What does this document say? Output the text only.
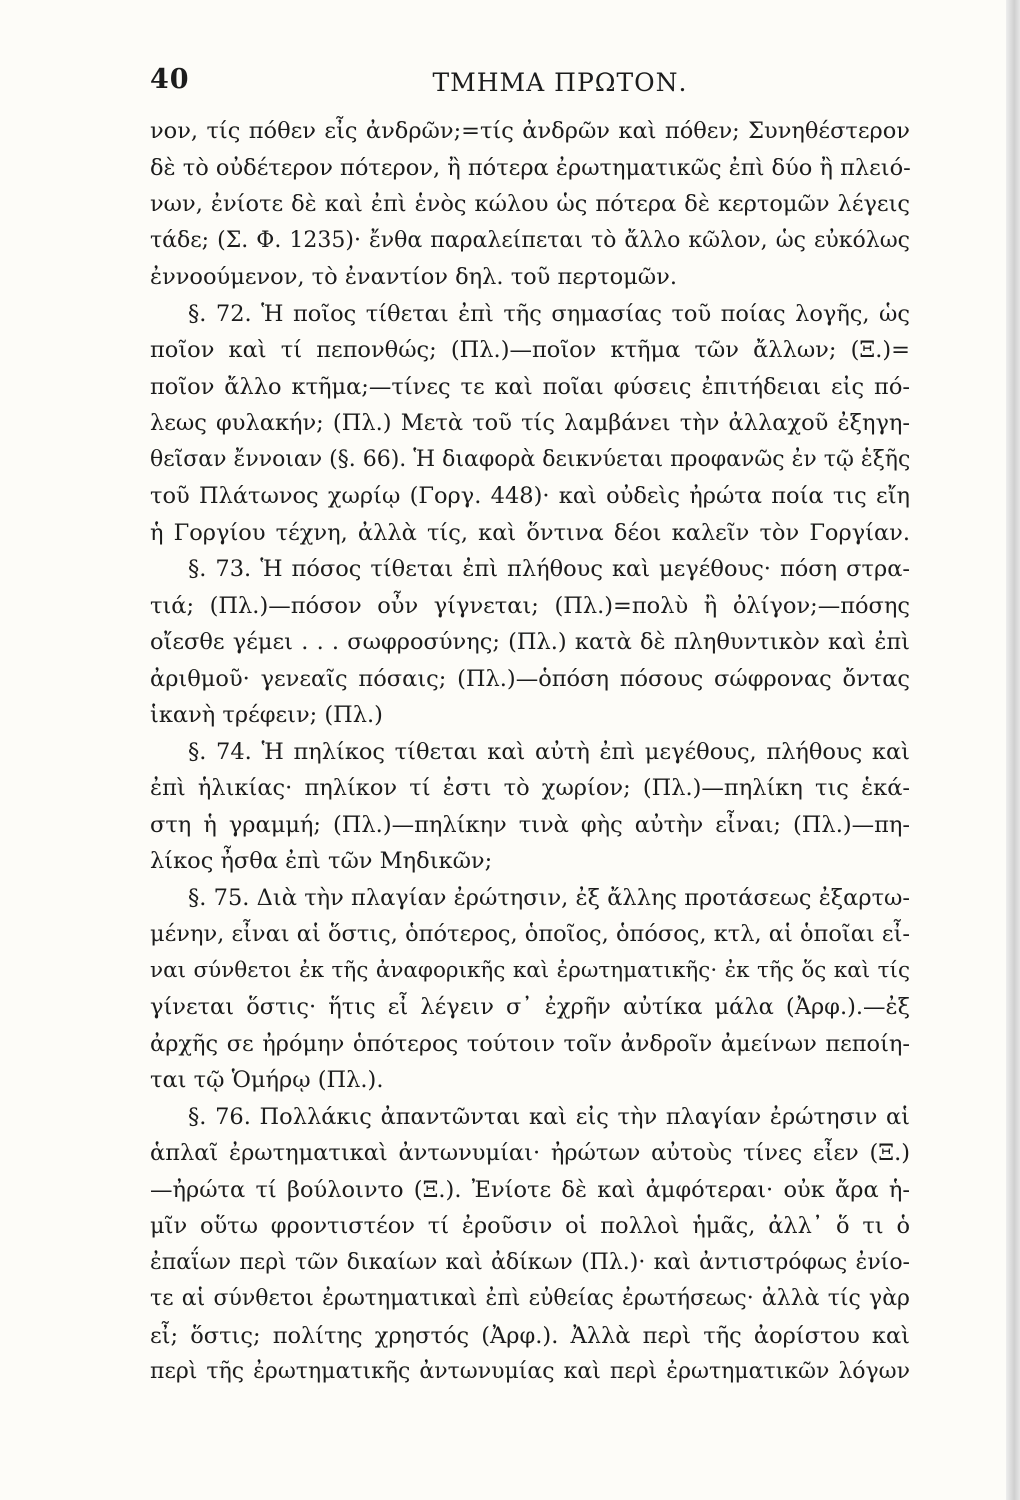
40	ΤΜΗΜΑ ΠΡΩΤΟΝ.
νον, τίς πόθεν εἶς ἀνδρῶν;=τίς ἀνδρῶν καὶ πόθεν; Συνηθέστερον
δὲ τὸ οὐδέτερον πότερον, ἢ πότερα ἐρωτηματικῶς ἐπὶ δύο ἢ πλειό-
νων, ἐνίοτε δὲ καὶ ἐπὶ ἑνὸς κώλου ὡς πότερα δὲ κερτομῶν λέγεις
τάδε; (Σ. Φ. 1235)· ἔνθα παραλείπεται τὸ ἄλλο κῶλον, ὡς εὐκόλως
ἐννοούμενον, τὸ ἐναντίον δηλ. τοῦ περτομῶν.
§. 72. Ἡ ποῖος τίθεται ἐπὶ τῆς σημασίας τοῦ ποίας λογῆς, ὡς
ποῖον καὶ τί πεπονθώς; (Πλ.)—ποῖον κτῆμα τῶν ἄλλων; (Ξ.)=
ποῖον ἄλλο κτῆμα;—τίνες τε καὶ ποῖαι φύσεις ἐπιτήδειαι εἰς πό-
λεως φυλακήν; (Πλ.) Μετὰ τοῦ τίς λαμβάνει τὴν ἀλλαχοῦ ἐξηγη-
θεῖσαν ἔννοιαν (§. 66). Ἡ διαφορὰ δεικνύεται προφανῶς ἐν τῷ ἑξῆς
τοῦ Πλάτωνος χωρίῳ (Γοργ. 448)· καὶ οὐδεὶς ἠρώτα ποία τις εἴη
ἡ Γοργίου τέχνη, ἀλλὰ τίς, καὶ ὅντινα δέοι καλεῖν τὸν Γοργίαν.
§. 73. Ἡ πόσος τίθεται ἐπὶ πλήθους καὶ μεγέθους· πόση στρα-
τιά; (Πλ.)—πόσον οὖν γίγνεται; (Πλ.)=πολὺ ἢ ὀλίγον;—πόσης
οἴεσθε γέμει . . . σωφροσύνης; (Πλ.) κατὰ δὲ πληθυντικὸν καὶ ἐπὶ
ἀριθμοῦ· γενεαῖς πόσαις; (Πλ.)—ὁπόση πόσους σώφρονας ὄντας
ἱκανὴ τρέφειν; (Πλ.)
§. 74. Ἡ πηλίκος τίθεται καὶ αὐτὴ ἐπὶ μεγέθους, πλήθους καὶ
ἐπὶ ἡλικίας· πηλίκον τί ἐστι τὸ χωρίον; (Πλ.)—πηλίκη τις ἑκά-
στη ἡ γραμμή; (Πλ.)—πηλίκην τινὰ φὴς αὐτὴν εἶναι; (Πλ.)—πη-
λίκος ἦσθα ἐπὶ τῶν Μηδικῶν;
§. 75. Διὰ τὴν πλαγίαν ἐρώτησιν, ἐξ ἄλλης προτάσεως ἐξαρτω-
μένην, εἶναι αἱ ὅστις, ὁπότερος, ὁποῖος, ὁπόσος, κτλ, αἱ ὁποῖαι εἶ-
ναι σύνθετοι ἐκ τῆς ἀναφορικῆς καὶ ἐρωτηματικῆς· ἐκ τῆς ὅς καὶ τίς
γίνεται ὅστις· ἥτις εἶ λέγειν σ᾽ ἐχρῆν αὐτίκα μάλα (Ἀρφ.).—ἐξ
ἀρχῆς σε ἠρόμην ὁπότερος τούτοιν τοῖν ἀνδροῖν ἀμείνων πεποίη-
ται τῷ Ὁμήρῳ (Πλ.).
§. 76. Πολλάκις ἀπαντῶνται καὶ εἰς τὴν πλαγίαν ἐρώτησιν αἱ
ἁπλαῖ ἐρωτηματικαὶ ἀντωνυμίαι· ἠρώτων αὐτοὺς τίνες εἶεν (Ξ.)
—ἠρώτα τί βούλοιντο (Ξ.). Ἐνίοτε δὲ καὶ ἀμφότεραι· οὐκ ἄρα ἡ-
μῖν οὕτω φροντιστέον τί ἐροῦσιν οἱ πολλοὶ ἡμᾶς, ἀλλ᾽ ὅ τι ὁ
ἐπαΐων περὶ τῶν δικαίων καὶ ἀδίκων (Πλ.)· καὶ ἀντιστρόφως ἐνίο-
τε αἱ σύνθετοι ἐρωτηματικαὶ ἐπὶ εὐθείας ἐρωτήσεως· ἀλλὰ τίς γὰρ
εἶ; ὅστις; πολίτης χρηστός (Ἀρφ.). Ἀλλὰ περὶ τῆς ἀορίστου καὶ
περὶ τῆς ἐρωτηματικῆς ἀντωνυμίας καὶ περὶ ἐρωτηματικῶν λόγων
